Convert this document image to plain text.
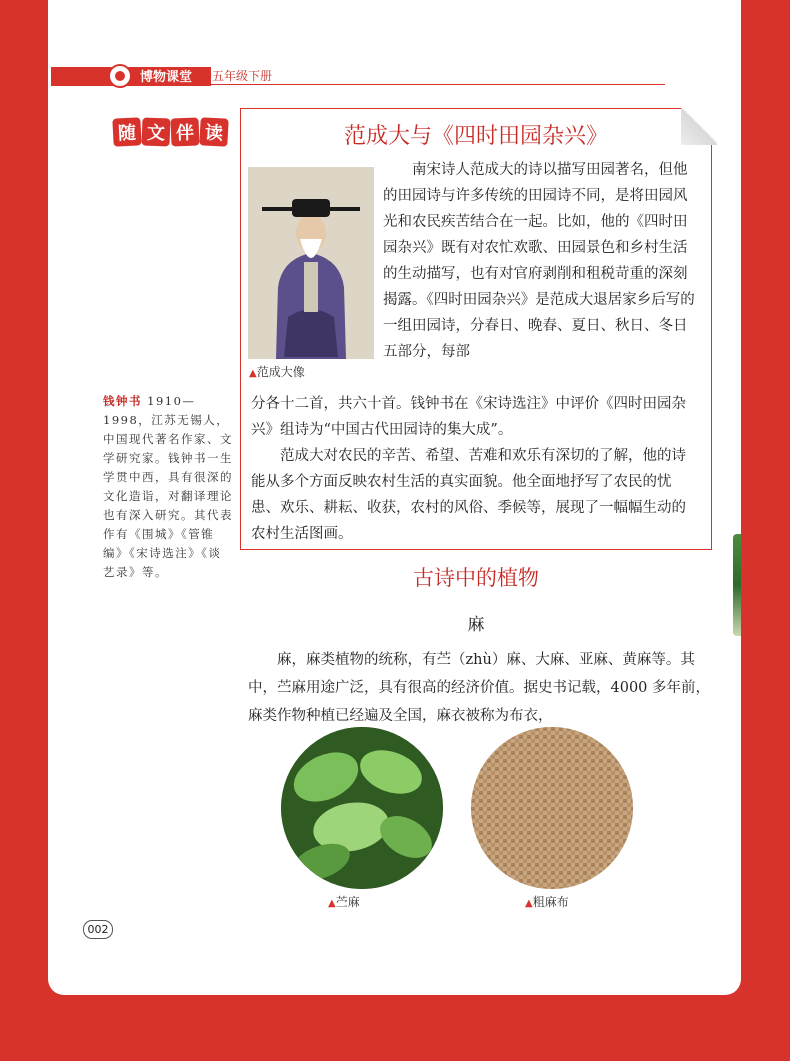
博物课堂 五年级下册
随 文 伴 读	范成大与《四时田园杂兴》
▲范成大像

南宋诗人范成大的诗以描写田园著名，但他的田园诗与许多传统的田园诗不同，是将田园风光和农民疾苦结合在一起。比如，他的《四时田园杂兴》既有对农忙欢歌、田园景色和乡村生活的生动描写，也有对官府剥削和租税苛重的深刻揭露。《四时田园杂兴》是范成大退居家乡后写的一组田园诗，分春日、晚春、夏日、秋日、冬日五部分，每部

分各十二首，共六十首。钱钟书在《宋诗选注》中评价《四时田园杂兴》组诗为“中国古代田园诗的集大成”。

范成大对农民的辛苦、希望、苦难和欢乐有深切的了解，他的诗能从多个方面反映农村生活的真实面貌。他全面地抒写了农民的忧患、欢乐、耕耘、收获，农村的风俗、季候等，展现了一幅幅生动的农村生活图画。

钱钟书 1910—1998，江苏无锡人，中国现代著名作家、文学研究家。钱钟书一生学贯中西，具有很深的文化造诣，对翻译理论也有深入研究。其代表作有《围城》《管锥编》《宋诗选注》《谈艺录》等。	古诗中的植物
麻

麻，麻类植物的统称，有苎（zhù）麻、大麻、亚麻、黄麻等。其中，苎麻用途广泛，具有很高的经济价值。据史书记载，4000 多年前，麻类作物种植已经遍及全国，麻衣被称为布衣，

▲苎麻	▲粗麻布
002
